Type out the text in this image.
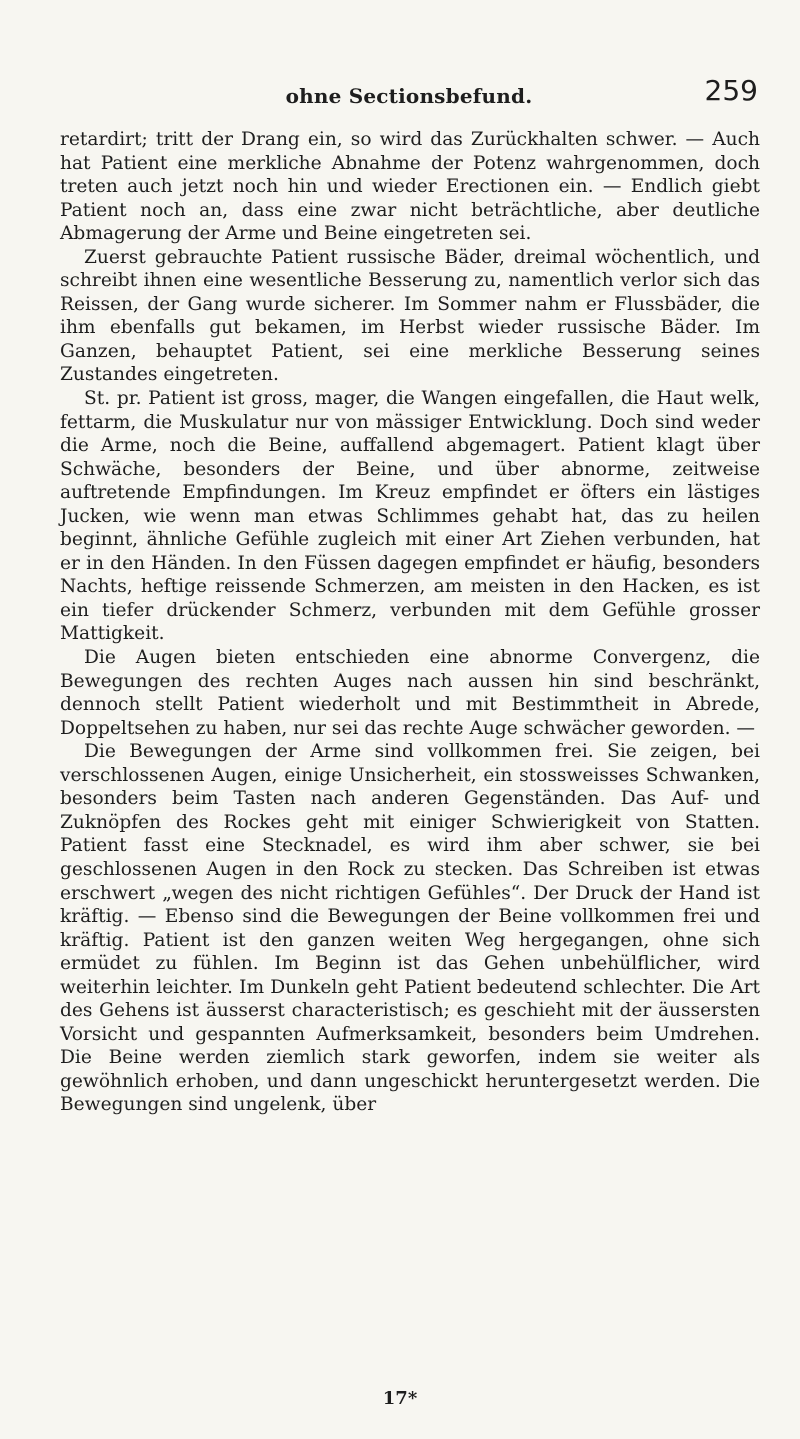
ohne Sectionsbefund.	259

retardirt; tritt der Drang ein, so wird das Zurückhalten schwer. — Auch hat Patient eine merkliche Abnahme der Potenz wahrgenommen, doch treten auch jetzt noch hin und wieder Erectionen ein. — Endlich giebt Patient noch an, dass eine zwar nicht beträchtliche, aber deutliche Abmagerung der Arme und Beine eingetreten sei.

Zuerst gebrauchte Patient russische Bäder, dreimal wöchentlich, und schreibt ihnen eine wesentliche Besserung zu, namentlich verlor sich das Reissen, der Gang wurde sicherer. Im Sommer nahm er Flussbäder, die ihm ebenfalls gut bekamen, im Herbst wieder russische Bäder. Im Ganzen, behauptet Patient, sei eine merkliche Besserung seines Zustandes eingetreten.

St. pr. Patient ist gross, mager, die Wangen eingefallen, die Haut welk, fettarm, die Muskulatur nur von mässiger Entwicklung. Doch sind weder die Arme, noch die Beine, auffallend abgemagert. Patient klagt über Schwäche, besonders der Beine, und über abnorme, zeitweise auftretende Empfindungen. Im Kreuz empfindet er öfters ein lästiges Jucken, wie wenn man etwas Schlimmes gehabt hat, das zu heilen beginnt, ähnliche Gefühle zugleich mit einer Art Ziehen verbunden, hat er in den Händen. In den Füssen dagegen empfindet er häufig, besonders Nachts, heftige reissende Schmerzen, am meisten in den Hacken, es ist ein tiefer drückender Schmerz, verbunden mit dem Gefühle grosser Mattigkeit.

Die Augen bieten entschieden eine abnorme Convergenz, die Bewegungen des rechten Auges nach aussen hin sind beschränkt, dennoch stellt Patient wiederholt und mit Bestimmtheit in Abrede, Doppeltsehen zu haben, nur sei das rechte Auge schwächer geworden. —

Die Bewegungen der Arme sind vollkommen frei. Sie zeigen, bei verschlossenen Augen, einige Unsicherheit, ein stossweisses Schwanken, besonders beim Tasten nach anderen Gegenständen. Das Auf- und Zuknöpfen des Rockes geht mit einiger Schwierigkeit von Statten. Patient fasst eine Stecknadel, es wird ihm aber schwer, sie bei geschlossenen Augen in den Rock zu stecken. Das Schreiben ist etwas erschwert „wegen des nicht richtigen Gefühles“. Der Druck der Hand ist kräftig. — Ebenso sind die Bewegungen der Beine vollkommen frei und kräftig. Patient ist den ganzen weiten Weg hergegangen, ohne sich ermüdet zu fühlen. Im Beginn ist das Gehen unbehülflicher, wird weiterhin leichter. Im Dunkeln geht Patient bedeutend schlechter. Die Art des Gehens ist äusserst characteristisch; es geschieht mit der äussersten Vorsicht und gespannten Aufmerksamkeit, besonders beim Umdrehen. Die Beine werden ziemlich stark geworfen, indem sie weiter als gewöhnlich erhoben, und dann ungeschickt heruntergesetzt werden. Die Bewegungen sind ungelenk, über

17*
